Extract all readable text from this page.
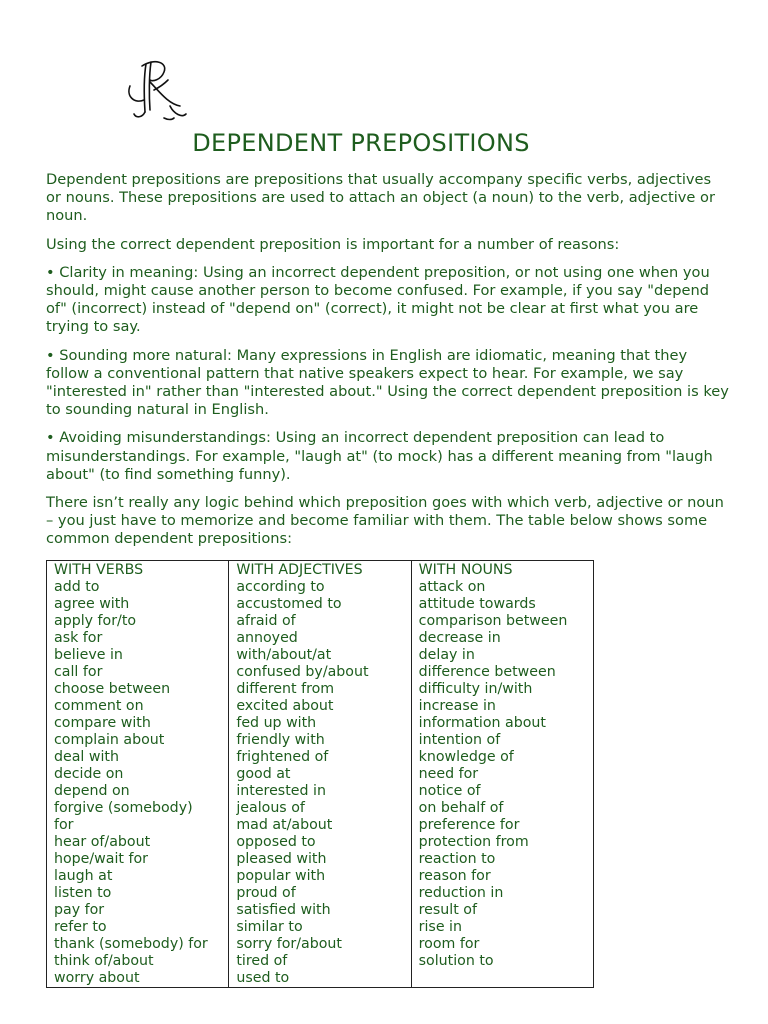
DEPENDENT PREPOSITIONS

Dependent prepositions are prepositions that usually accompany specific verbs, adjectives or nouns. These prepositions are used to attach an object (a noun) to the verb, adjective or noun.

Using the correct dependent preposition is important for a number of reasons:

• Clarity in meaning: Using an incorrect dependent preposition, or not using one when you should, might cause another person to become confused. For example, if you say "depend of" (incorrect) instead of "depend on" (correct), it might not be clear at first what you are trying to say.

• Sounding more natural: Many expressions in English are idiomatic, meaning that they follow a conventional pattern that native speakers expect to hear. For example, we say "interested in" rather than "interested about." Using the correct dependent preposition is key to sounding natural in English.

• Avoiding misunderstandings: Using an incorrect dependent preposition can lead to misunderstandings. For example, "laugh at" (to mock) has a different meaning from "laugh about" (to find something funny).

There isn’t really any logic behind which preposition goes with which verb, adjective or noun – you just have to memorize and become familiar with them. The table below shows some common dependent prepositions:

WITH VERBS
add to
agree with
apply for/to
ask for
believe in
call for
choose between
comment on
compare with
complain about
deal with
decide on
depend on
forgive (somebody)
for
hear of/about
hope/wait for
laugh at
listen to
pay for
refer to
thank (somebody) for
think of/about
worry about
WITH ADJECTIVES
according to
accustomed to
afraid of
annoyed
with/about/at
confused by/about
different from
excited about
fed up with
friendly with
frightened of
good at
interested in
jealous of
mad at/about
opposed to
pleased with
popular with
proud of
satisfied with
similar to
sorry for/about
tired of
used to
WITH NOUNS
attack on
attitude towards
comparison between
decrease in
delay in
difference between
difficulty in/with
increase in
information about
intention of
knowledge of
need for
notice of
on behalf of
preference for
protection from
reaction to
reason for
reduction in
result of
rise in
room for
solution to
